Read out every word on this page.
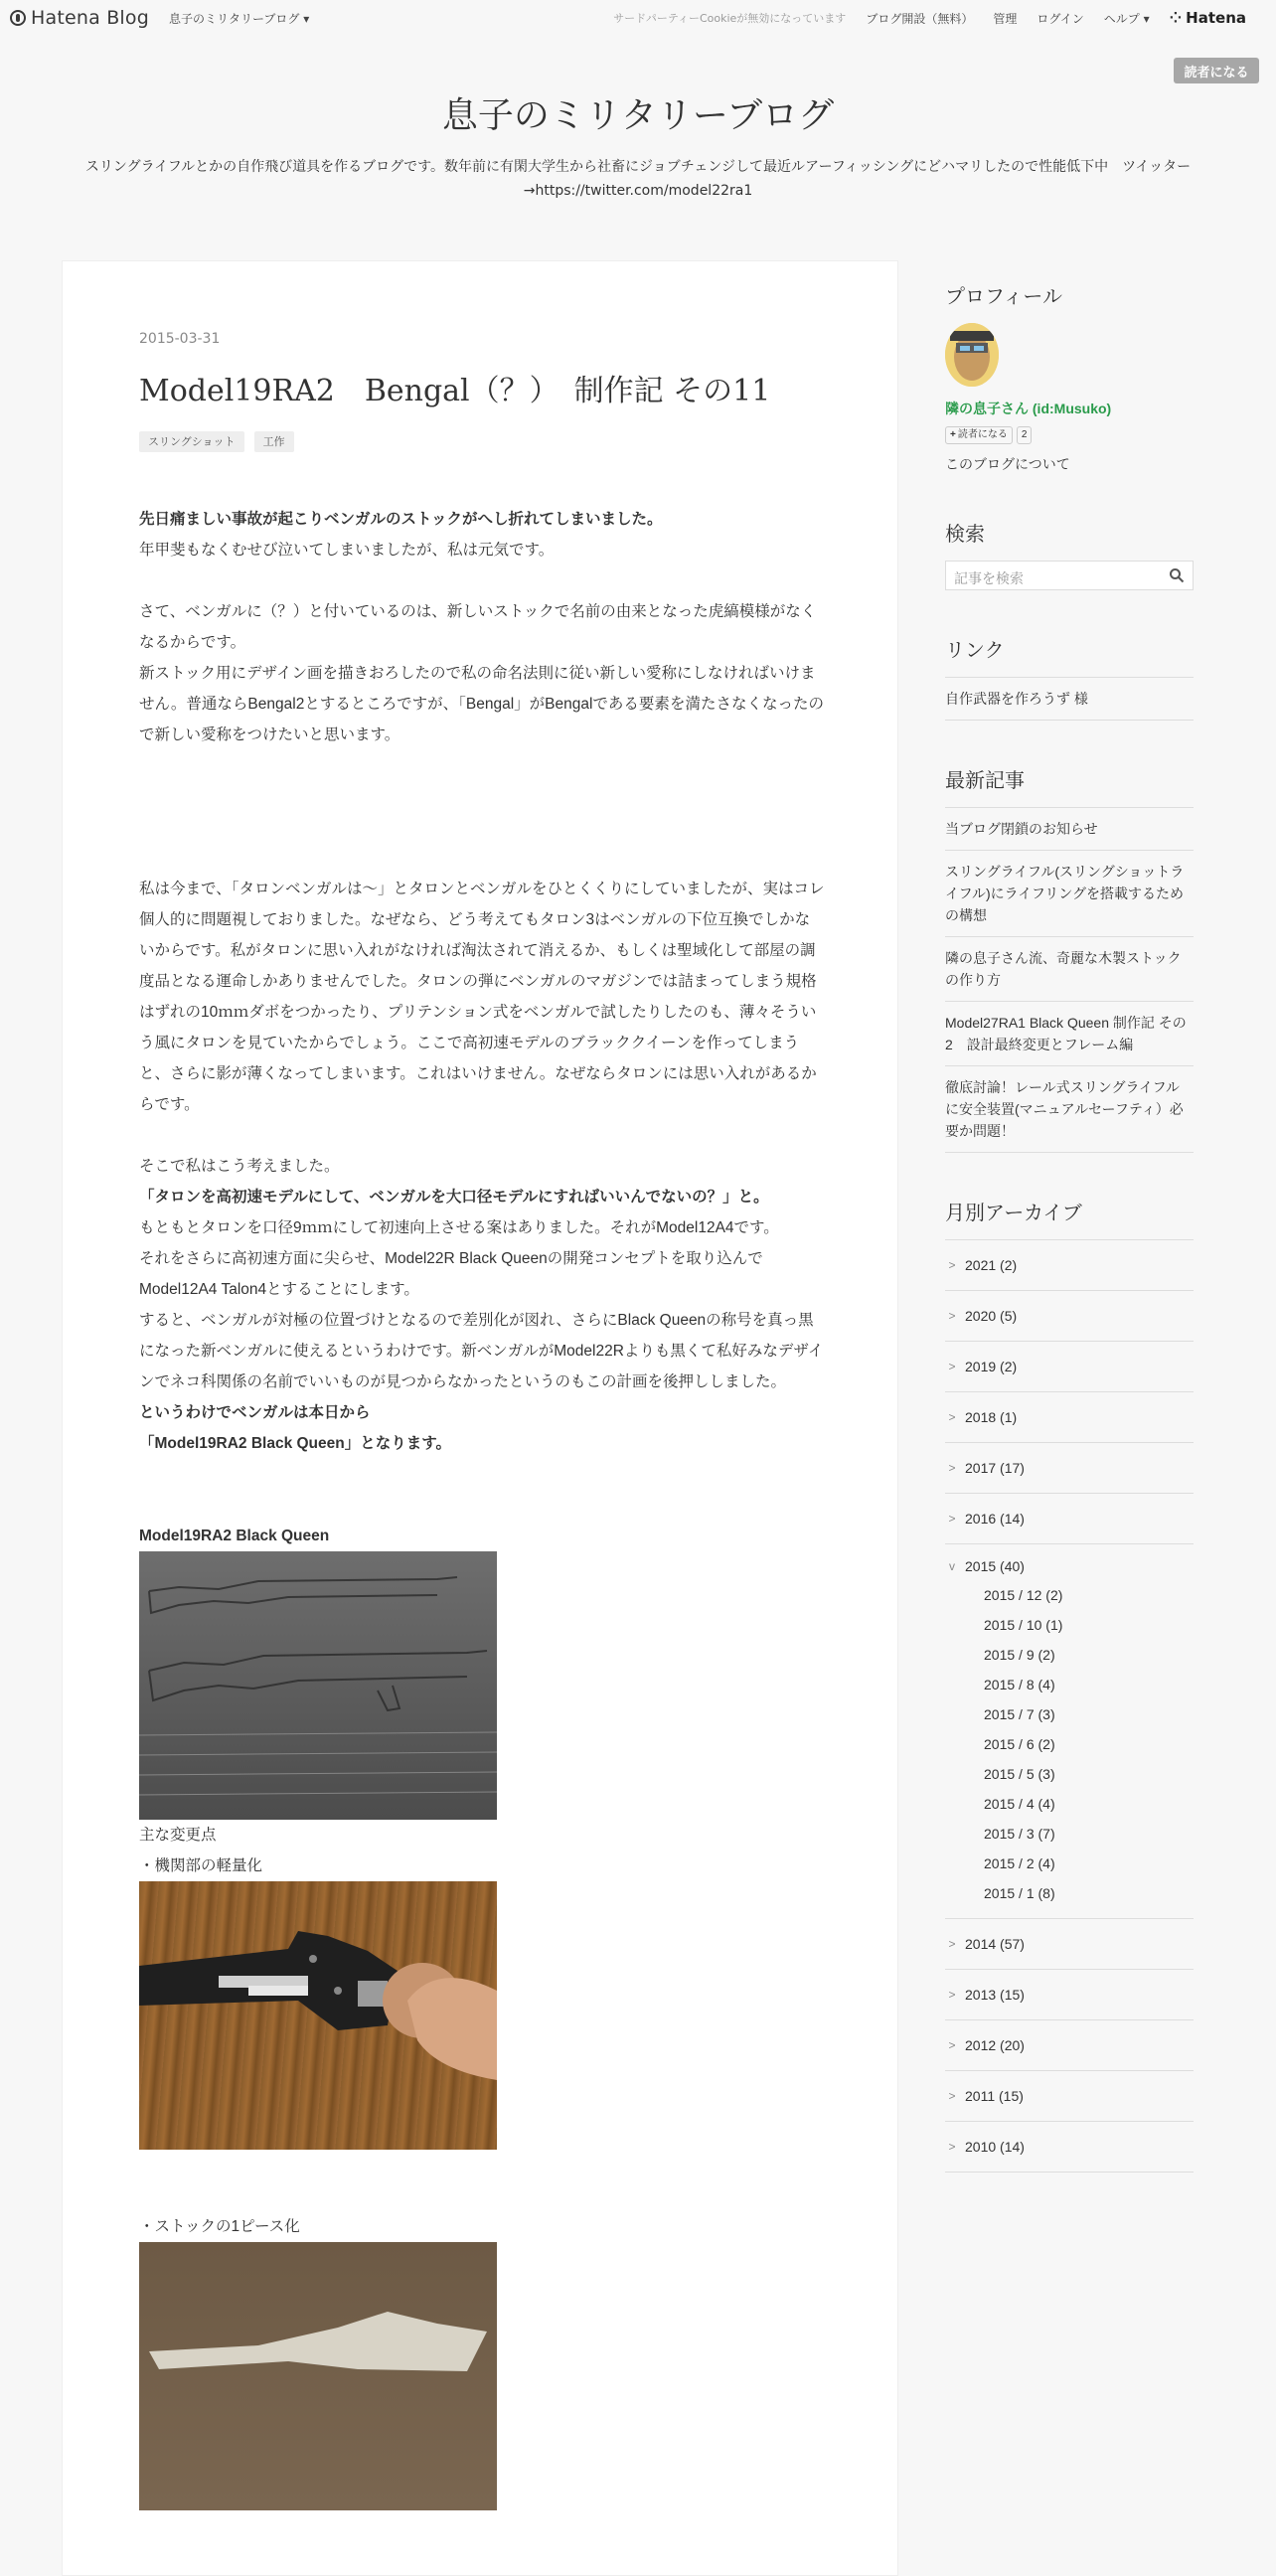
Hatena Blog 息子のミリタリーブログ ▾	サードパーティーCookieが無効になっています ブログ開設（無料） 管理 ログイン ヘルプ ▾ ⁘ Hatena
読者になる
息子のミリタリーブログ
スリングライフルとかの自作飛び道具を作るブログです。数年前に有閑大学生から社畜にジョブチェンジして最近ルアーフィッシングにどハマリしたので性能低下中　ツイッター→https://twitter.com/model22ra1
2015-03-31
Model19RA2　Bengal（？）　制作記 その11
スリングショット	工作

先日痛ましい事故が起こりベンガルのストックがへし折れてしまいました。

年甲斐もなくむせび泣いてしまいましたが、私は元気です。

さて、ベンガルに（？）と付いているのは、新しいストックで名前の由来となった虎縞模様がなくなるからです。

新ストック用にデザイン画を描きおろしたので私の命名法則に従い新しい愛称にしなければいけません。普通ならBengal2とするところですが、「Bengal」がBengalである要素を満たさなくなったので新しい愛称をつけたいと思います。

私は今まで、「タロンベンガルは〜」とタロンとベンガルをひとくくりにしていましたが、実はコレ個人的に問題視しておりました。なぜなら、どう考えてもタロン3はベンガルの下位互換でしかないからです。私がタロンに思い入れがなければ淘汰されて消えるか、もしくは聖域化して部屋の調度品となる運命しかありませんでした。タロンの弾にベンガルのマガジンでは詰まってしまう規格はずれの10ｍｍダボをつかったり、プリテンション式をベンガルで試したりしたのも、薄々そういう風にタロンを見ていたからでしょう。ここで高初速モデルのブラッククイーンを作ってしまうと、さらに影が薄くなってしまいます。これはいけません。なぜならタロンには思い入れがあるからです。

そこで私はこう考えました。

「タロンを高初速モデルにして、ベンガルを大口径モデルにすればいいんでないの？」と。

もともとタロンを口径9ｍｍにして初速向上させる案はありました。それがModel12A4です。

それをさらに高初速方面に尖らせ、Model22R Black Queenの開発コンセプトを取り込んでModel12A4 Talon4とすることにします。

すると、ベンガルが対極の位置づけとなるので差別化が図れ、さらにBlack Queenの称号を真っ黒になった新ベンガルに使えるというわけです。新ベンガルがModel22Rよりも黒くて私好みなデザインでネコ科関係の名前でいいものが見つからなかったというのもこの計画を後押ししました。

というわけでベンガルは本日から

「Model19RA2 Black Queen」となります。

Model19RA2 Black Queen

主な変更点

・機関部の軽量化

・ストックの1ピース化

プロフィール
隣の息子さん (id:Musuko)
+ 読者になる	2
このブログについて
検索
記事を検索
リンク
自作武器を作ろうず 様
最新記事
当ブログ閉鎖のお知らせ
スリングライフル(スリングショットライフル)にライフリングを搭載するための構想
隣の息子さん流、奇麗な木製ストックの作り方
Model27RA1 Black Queen 制作記 その2　設計最終変更とフレーム編
徹底討論！レール式スリングライフルに安全装置(マニュアルセーフティ）必要か問題！
月別アーカイブ
> 2021 (2)
> 2020 (5)
> 2019 (2)
> 2018 (1)
> 2017 (17)
> 2016 (14)
v 2015 (40)
2015 / 12 (2)
2015 / 10 (1)
2015 / 9 (2)
2015 / 8 (4)
2015 / 7 (3)
2015 / 6 (2)
2015 / 5 (3)
2015 / 4 (4)
2015 / 3 (7)
2015 / 2 (4)
2015 / 1 (8)
> 2014 (57)
> 2013 (15)
> 2012 (20)
> 2011 (15)
> 2010 (14)
